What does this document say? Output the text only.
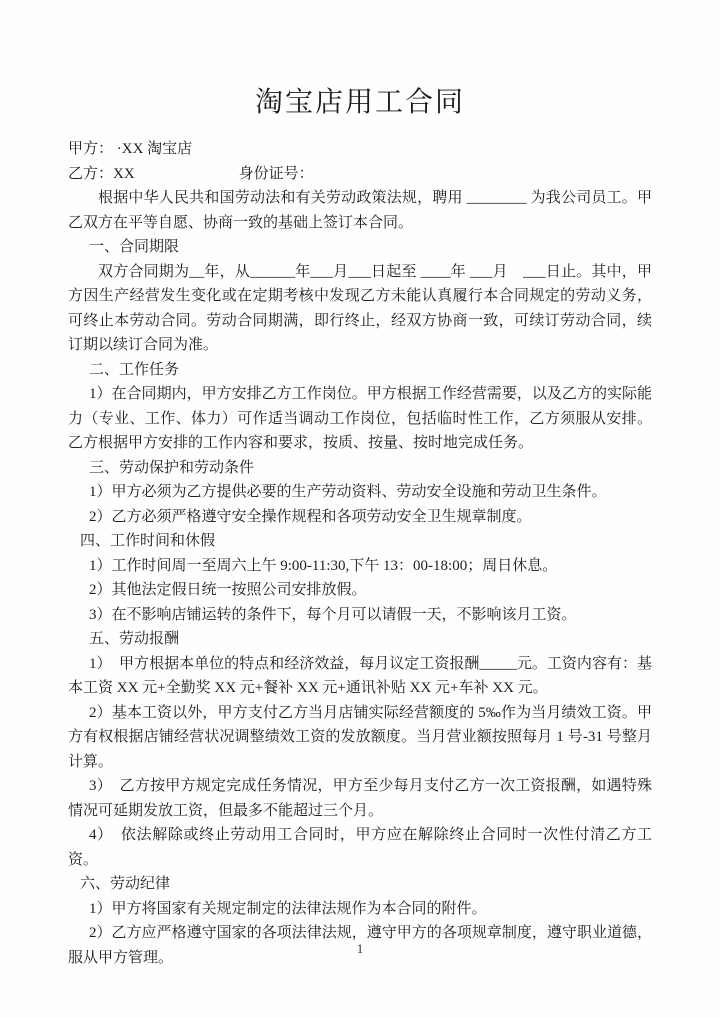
淘宝店用工合同

甲方： ·XX 淘宝店

乙方：XX	身份证号：

根据中华人民共和国劳动法和有关劳动政策法规，聘用 ________ 为我公司员工。甲乙双方在平等自愿、协商一致的基础上签订本合同。

一、合同期限

双方合同期为__年，从______年___月___日起至 ____年 ___月　___日止。其中，甲方因生产经营发生变化或在定期考核中发现乙方未能认真履行本合同规定的劳动义务，可终止本劳动合同。劳动合同期满，即行终止，经双方协商一致，可续订劳动合同，续订期以续订合同为准。

二、工作任务

1）在合同期内，甲方安排乙方工作岗位。甲方根据工作经营需要，以及乙方的实际能力（专业、工作、体力）可作适当调动工作岗位，包括临时性工作，乙方须服从安排。乙方根据甲方安排的工作内容和要求，按质、按量、按时地完成任务。

三、劳动保护和劳动条件

1）甲方必须为乙方提供必要的生产劳动资料、劳动安全设施和劳动卫生条件。

2）乙方必须严格遵守安全操作规程和各项劳动安全卫生规章制度。

四、工作时间和休假

1）工作时间周一至周六上午 9:00-11:30,下午 13：00-18:00；周日休息。

2）其他法定假日统一按照公司安排放假。

3）在不影响店铺运转的条件下，每个月可以请假一天，不影响该月工资。

五、劳动报酬

1）　甲方根据本单位的特点和经济效益，每月议定工资报酬_____元。工资内容有：基本工资 XX 元+全勤奖 XX 元+餐补 XX 元+通讯补贴 XX 元+车补 XX 元。

2）基本工资以外，甲方支付乙方当月店铺实际经营额度的 5‰作为当月绩效工资。甲方有权根据店铺经营状况调整绩效工资的发放额度。当月营业额按照每月 1 号-31 号整月计算。

3）　乙方按甲方规定完成任务情况，甲方至少每月支付乙方一次工资报酬，如遇特殊情况可延期发放工资，但最多不能超过三个月。

4）　依法解除或终止劳动用工合同时，甲方应在解除终止合同时一次性付清乙方工资。

六、劳动纪律

1）甲方将国家有关规定制定的法律法规作为本合同的附件。

2）乙方应严格遵守国家的各项法律法规，遵守甲方的各项规章制度，遵守职业道德，服从甲方管理。

1
